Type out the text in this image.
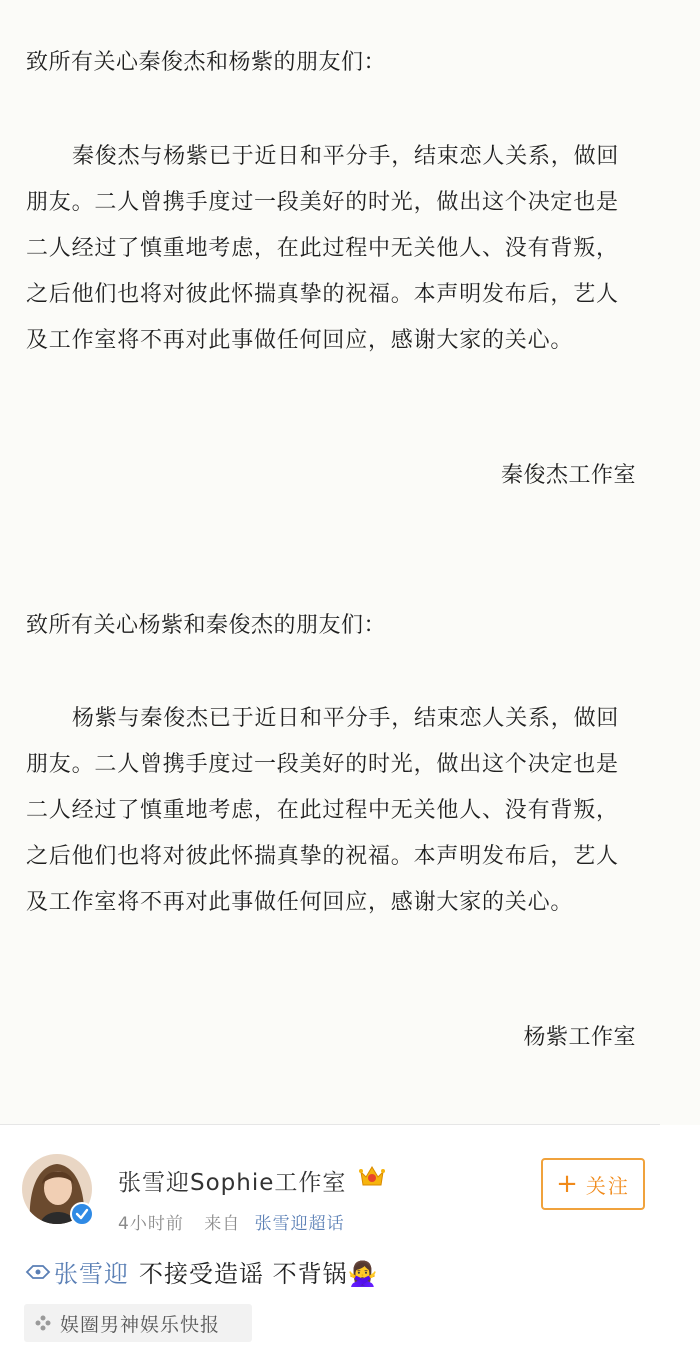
致所有关心秦俊杰和杨紫的朋友们：
秦俊杰与杨紫已于近日和平分手，结束恋人关系，做回
朋友。二人曾携手度过一段美好的时光，做出这个决定也是
二人经过了慎重地考虑，在此过程中无关他人、没有背叛，
之后他们也将对彼此怀揣真挚的祝福。本声明发布后，艺人
及工作室将不再对此事做任何回应，感谢大家的关心。
秦俊杰工作室
致所有关心杨紫和秦俊杰的朋友们：
杨紫与秦俊杰已于近日和平分手，结束恋人关系，做回
朋友。二人曾携手度过一段美好的时光，做出这个决定也是
二人经过了慎重地考虑，在此过程中无关他人、没有背叛，
之后他们也将对彼此怀揣真挚的祝福。本声明发布后，艺人
及工作室将不再对此事做任何回应，感谢大家的关心。
杨紫工作室
张雪迎Sophie工作室
4小时前 来自 张雪迎超话
+ 关注
张雪迎 不接受造谣 不背锅🙅‍♀️
娱圈男神娱乐快报
